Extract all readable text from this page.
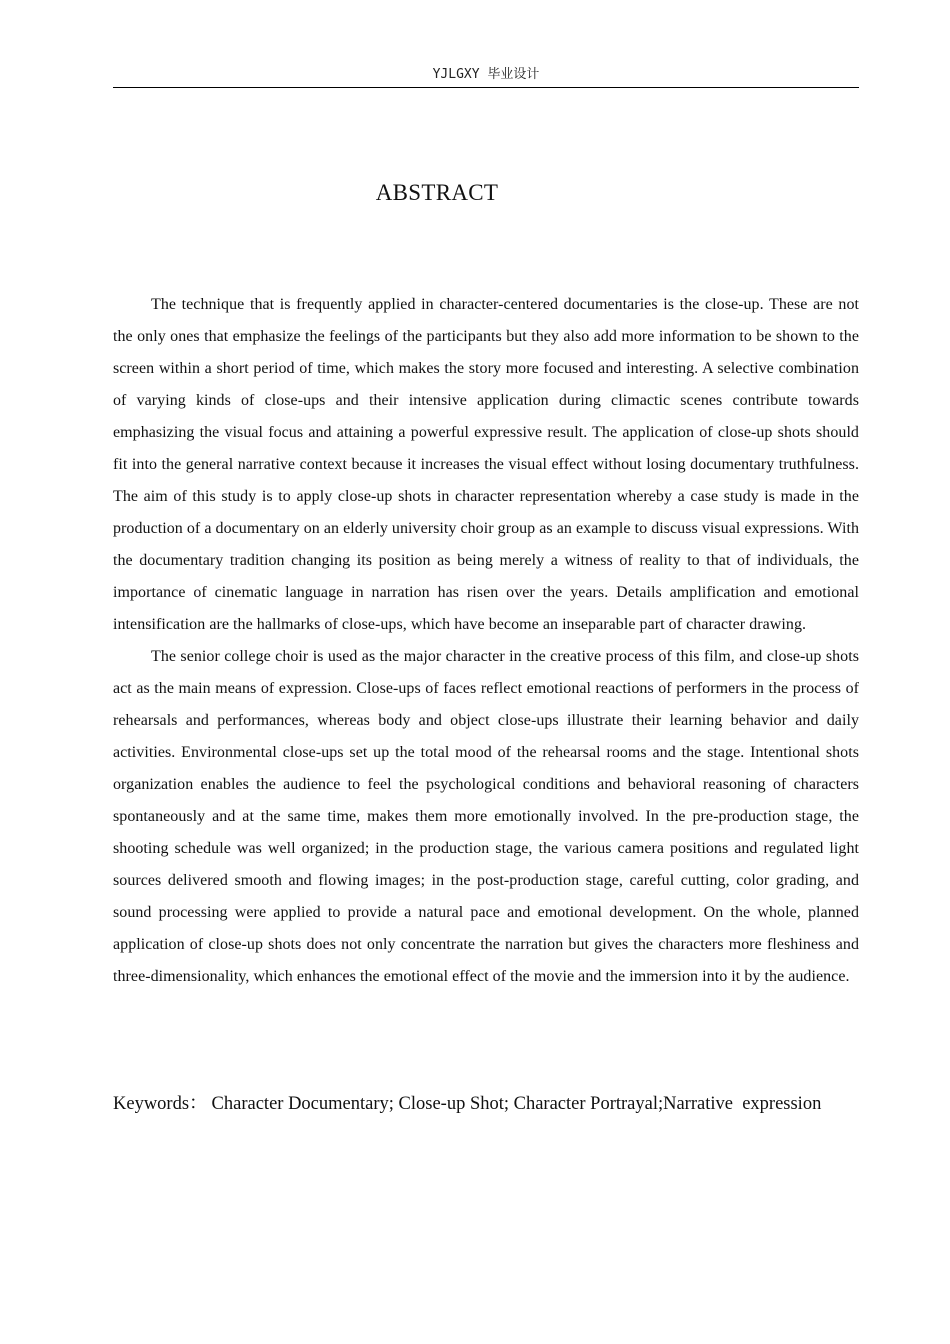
YJLGXY 毕业设计
ABSTRACT

The technique that is frequently applied in character-centered documentaries is the close-up. These are not the only ones that emphasize the feelings of the participants but they also add more information to be shown to the screen within a short period of time, which makes the story more focused and interesting. A selective combination of varying kinds of close-ups and their intensive application during climactic scenes contribute towards emphasizing the visual focus and attaining a powerful expressive result. The application of close-up shots should fit into the general narrative context because it increases the visual effect without losing documentary truthfulness. The aim of this study is to apply close-up shots in character representation whereby a case study is made in the production of a documentary on an elderly university choir group as an example to discuss visual expressions. With the documentary tradition changing its position as being merely a witness of reality to that of individuals, the importance of cinematic language in narration has risen over the years. Details amplification and emotional intensification are the hallmarks of close-ups, which have become an inseparable part of character drawing.

The senior college choir is used as the major character in the creative process of this film, and close-up shots act as the main means of expression. Close-ups of faces reflect emotional reactions of performers in the process of rehearsals and performances, whereas body and object close-ups illustrate their learning behavior and daily activities. Environmental close-ups set up the total mood of the rehearsal rooms and the stage. Intentional shots organization enables the audience to feel the psychological conditions and behavioral reasoning of characters spontaneously and at the same time, makes them more emotionally involved. In the pre-production stage, the shooting schedule was well organized; in the production stage, the various camera positions and regulated light sources delivered smooth and flowing images; in the post-production stage, careful cutting, color grading, and sound processing were applied to provide a natural pace and emotional development. On the whole, planned application of close-up shots does not only concentrate the narration but gives the characters more fleshiness and three-dimensionality, which enhances the emotional effect of the movie and the immersion into it by the audience.

Keywords： Character Documentary; Close-up Shot; Character Portrayal;Narrative  expression
